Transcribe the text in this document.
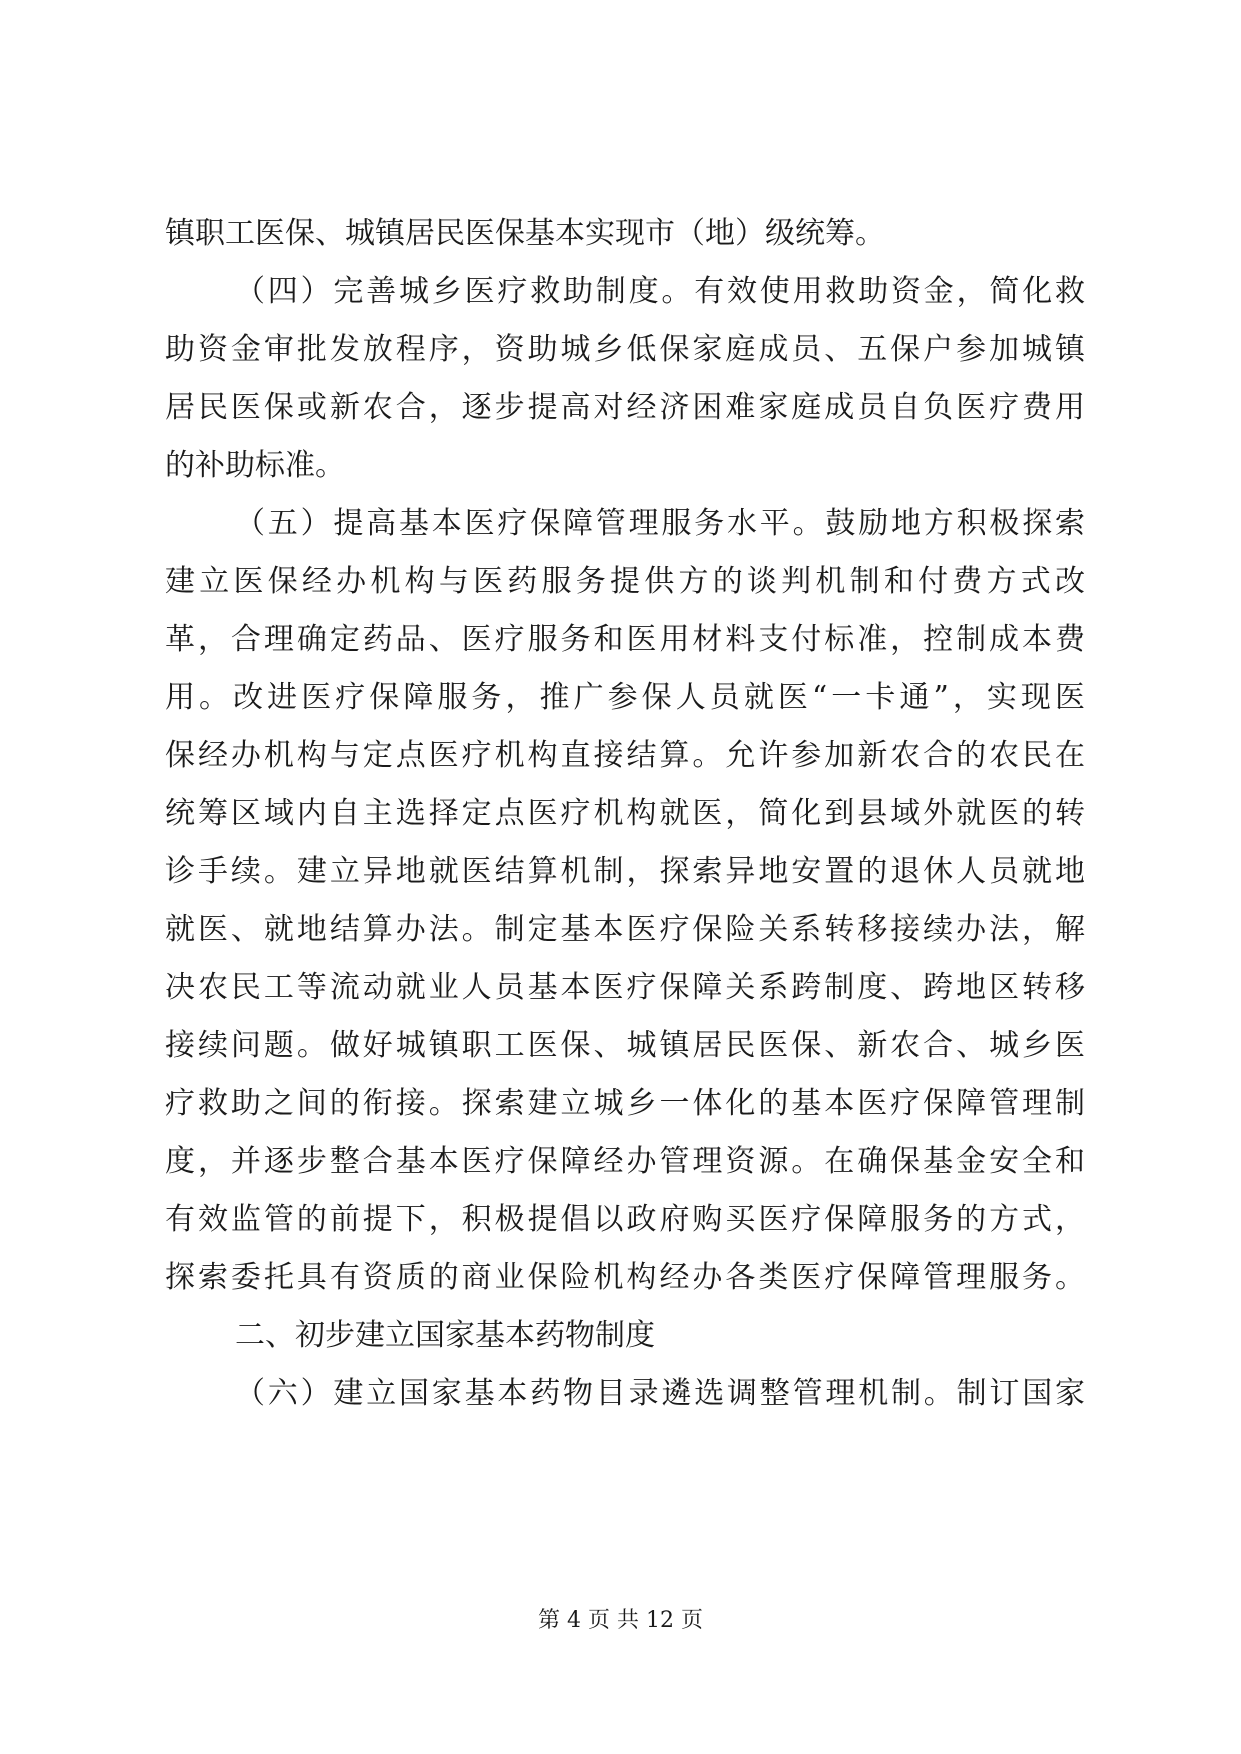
镇职工医保、城镇居民医保基本实现市（地）级统筹。
（四）完善城乡医疗救助制度。有效使用救助资金，简化救
助资金审批发放程序，资助城乡低保家庭成员、五保户参加城镇
居民医保或新农合，逐步提高对经济困难家庭成员自负医疗费用
的补助标准。
（五）提高基本医疗保障管理服务水平。鼓励地方积极探索
建立医保经办机构与医药服务提供方的谈判机制和付费方式改
革，合理确定药品、医疗服务和医用材料支付标准，控制成本费
用。改进医疗保障服务，推广参保人员就医“一卡通”，实现医
保经办机构与定点医疗机构直接结算。允许参加新农合的农民在
统筹区域内自主选择定点医疗机构就医，简化到县域外就医的转
诊手续。建立异地就医结算机制，探索异地安置的退休人员就地
就医、就地结算办法。制定基本医疗保险关系转移接续办法，解
决农民工等流动就业人员基本医疗保障关系跨制度、跨地区转移
接续问题。做好城镇职工医保、城镇居民医保、新农合、城乡医
疗救助之间的衔接。探索建立城乡一体化的基本医疗保障管理制
度，并逐步整合基本医疗保障经办管理资源。在确保基金安全和
有效监管的前提下，积极提倡以政府购买医疗保障服务的方式，
探索委托具有资质的商业保险机构经办各类医疗保障管理服务。
二、初步建立国家基本药物制度
（六）建立国家基本药物目录遴选调整管理机制。制订国家
第 4 页 共 12 页
